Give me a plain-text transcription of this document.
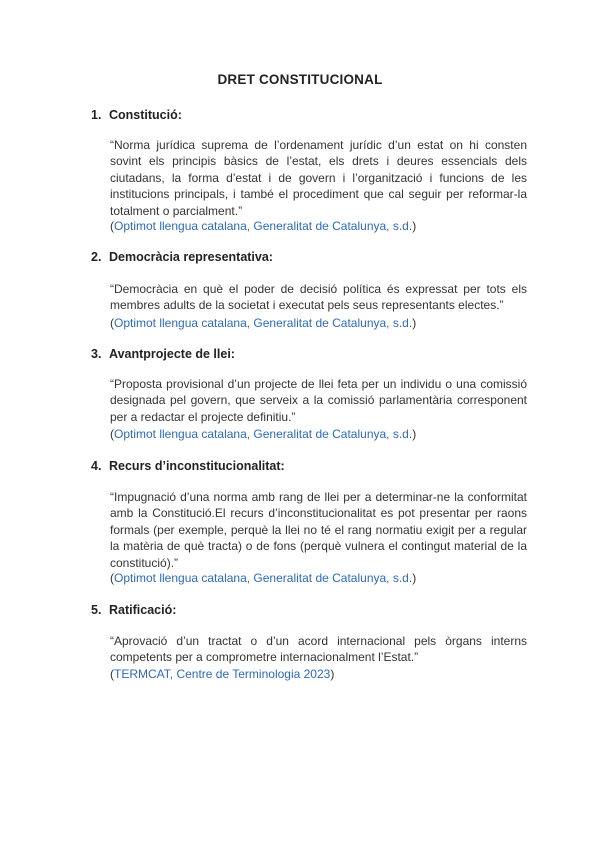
DRET CONSTITUCIONAL
1. Constitució:
“Norma jurídica suprema de l’ordenament jurídic d’un estat on hi consten sovint els principis bàsics de l’estat, els drets i deures essencials dels ciutadans, la forma d’estat i de govern i l’organització i funcions de les institucions principals, i també el procediment que cal seguir per reformar-la totalment o parcialment.”
(Optimot llengua catalana, Generalitat de Catalunya, s.d.)
2. Democràcia representativa:
“Democràcia en què el poder de decisió política és expressat per tots els membres adults de la societat i executat pels seus representants electes.”
(Optimot llengua catalana, Generalitat de Catalunya, s.d.)
3. Avantprojecte de llei:
“Proposta provisional d’un projecte de llei feta per un individu o una comissió designada pel govern, que serveix a la comissió parlamentària corresponent per a redactar el projecte definitiu.”
(Optimot llengua catalana, Generalitat de Catalunya, s.d.)
4. Recurs d’inconstitucionalitat:
“Impugnació d’una norma amb rang de llei per a determinar-ne la conformitat amb la Constitució.El recurs d’inconstitucionalitat es pot presentar per raons formals (per exemple, perquè la llei no té el rang normatiu exigit per a regular la matèria de què tracta) o de fons (perquè vulnera el contingut material de la constitució).”
(Optimot llengua catalana, Generalitat de Catalunya, s.d.)
5. Ratificació:
“Aprovació d’un tractat o d’un acord internacional pels òrgans interns competents per a comprometre internacionalment l’Estat.”
(TERMCAT, Centre de Terminologia 2023)
